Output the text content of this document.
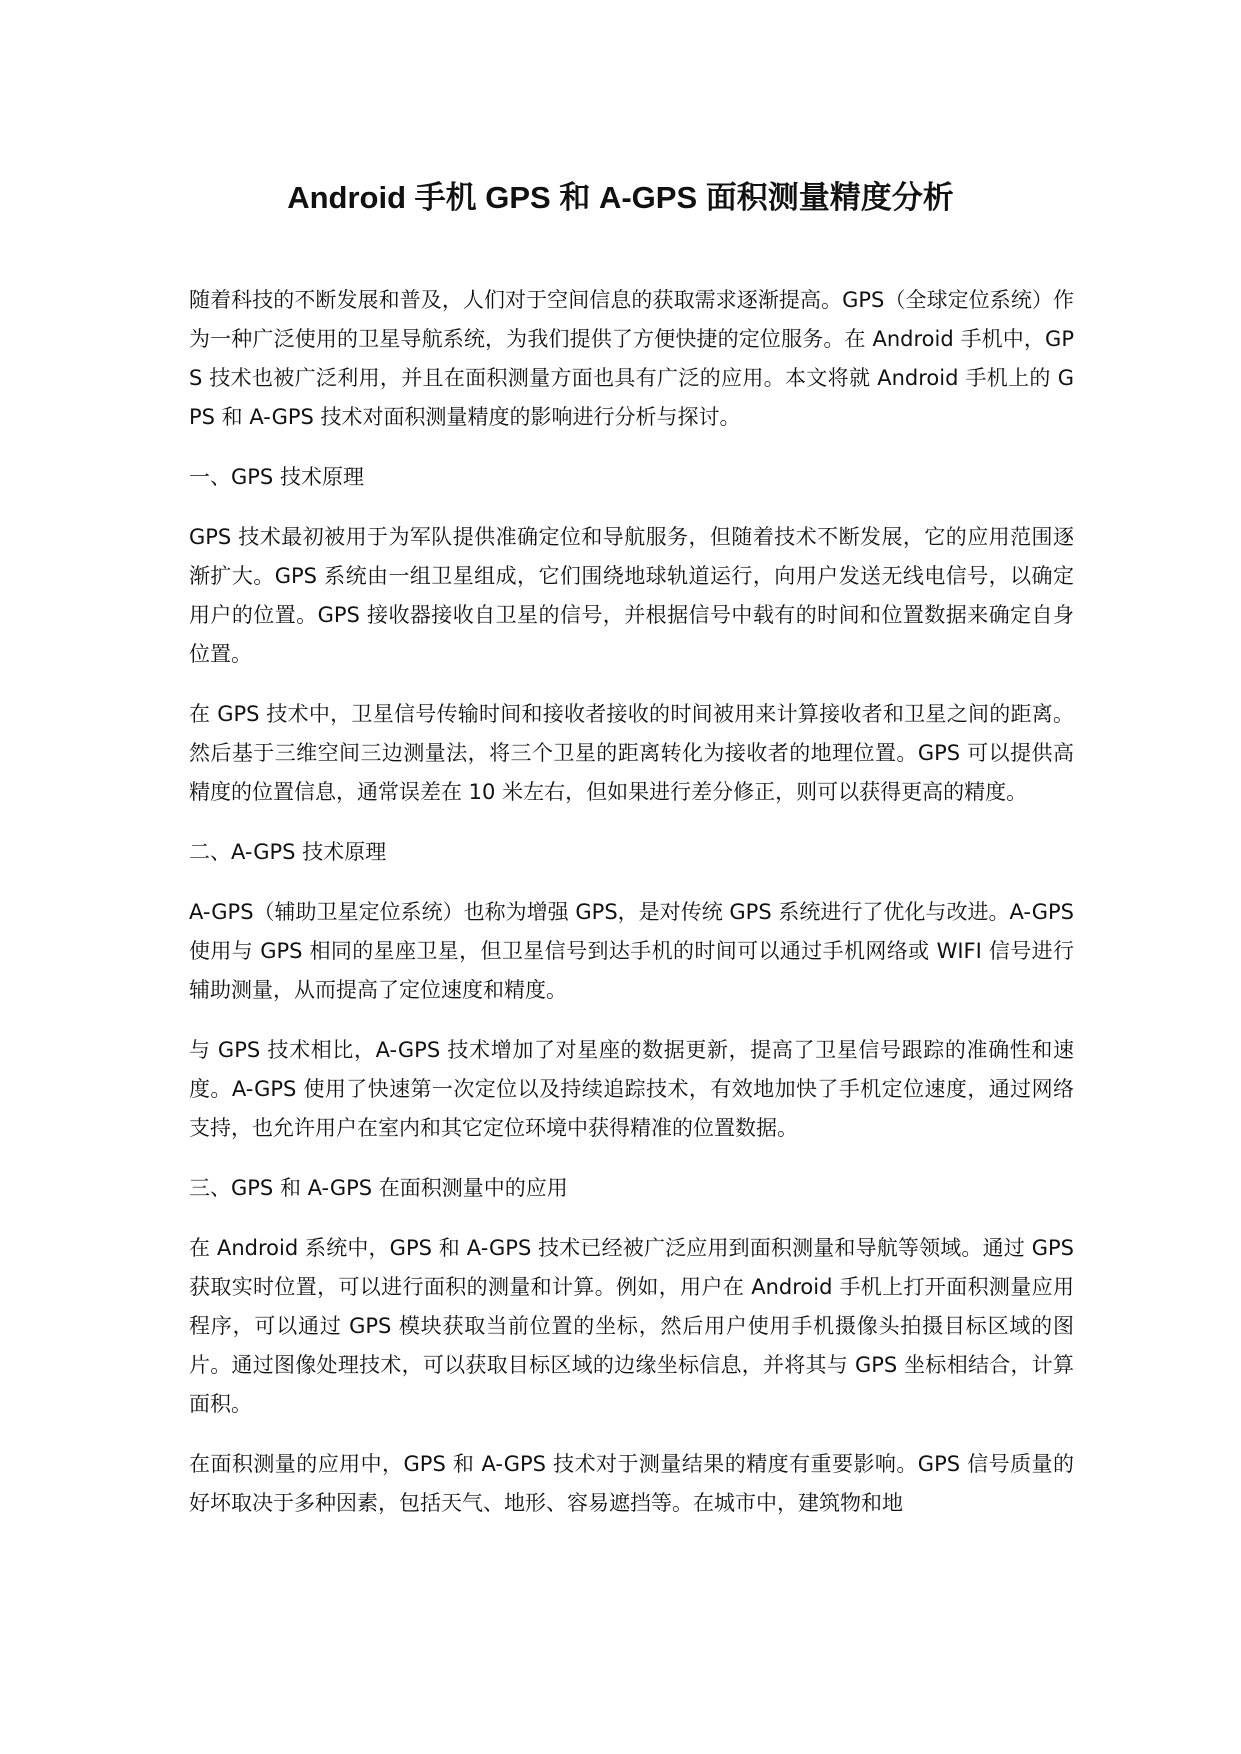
Android 手机 GPS 和 A-GPS 面积测量精度分析

随着科技的不断发展和普及，人们对于空间信息的获取需求逐渐提高。GPS（全球定位系统）作为一种广泛使用的卫星导航系统，为我们提供了方便快捷的定位服务。在 Android 手机中，GPS 技术也被广泛利用，并且在面积测量方面也具有广泛的应用。本文将就 Android 手机上的 GPS 和 A-GPS 技术对面积测量精度的影响进行分析与探讨。

一、GPS 技术原理

GPS 技术最初被用于为军队提供准确定位和导航服务，但随着技术不断发展，它的应用范围逐渐扩大。GPS 系统由一组卫星组成，它们围绕地球轨道运行，向用户发送无线电信号，以确定用户的位置。GPS 接收器接收自卫星的信号，并根据信号中载有的时间和位置数据来确定自身位置。

在 GPS 技术中，卫星信号传输时间和接收者接收的时间被用来计算接收者和卫星之间的距离。然后基于三维空间三边测量法，将三个卫星的距离转化为接收者的地理位置。GPS 可以提供高精度的位置信息，通常误差在 10 米左右，但如果进行差分修正，则可以获得更高的精度。

二、A-GPS 技术原理

A-GPS（辅助卫星定位系统）也称为增强 GPS，是对传统 GPS 系统进行了优化与改进。A-GPS 使用与 GPS 相同的星座卫星，但卫星信号到达手机的时间可以通过手机网络或 WIFI 信号进行辅助测量，从而提高了定位速度和精度。

与 GPS 技术相比，A-GPS 技术增加了对星座的数据更新，提高了卫星信号跟踪的准确性和速度。A-GPS 使用了快速第一次定位以及持续追踪技术，有效地加快了手机定位速度，通过网络支持，也允许用户在室内和其它定位环境中获得精准的位置数据。

三、GPS 和 A-GPS 在面积测量中的应用

在 Android 系统中，GPS 和 A-GPS 技术已经被广泛应用到面积测量和导航等领域。通过 GPS 获取实时位置，可以进行面积的测量和计算。例如，用户在 Android 手机上打开面积测量应用程序，可以通过 GPS 模块获取当前位置的坐标，然后用户使用手机摄像头拍摄目标区域的图片。通过图像处理技术，可以获取目标区域的边缘坐标信息，并将其与 GPS 坐标相结合，计算面积。

在面积测量的应用中，GPS 和 A-GPS 技术对于测量结果的精度有重要影响。GPS 信号质量的好坏取决于多种因素，包括天气、地形、容易遮挡等。在城市中，建筑物和地
